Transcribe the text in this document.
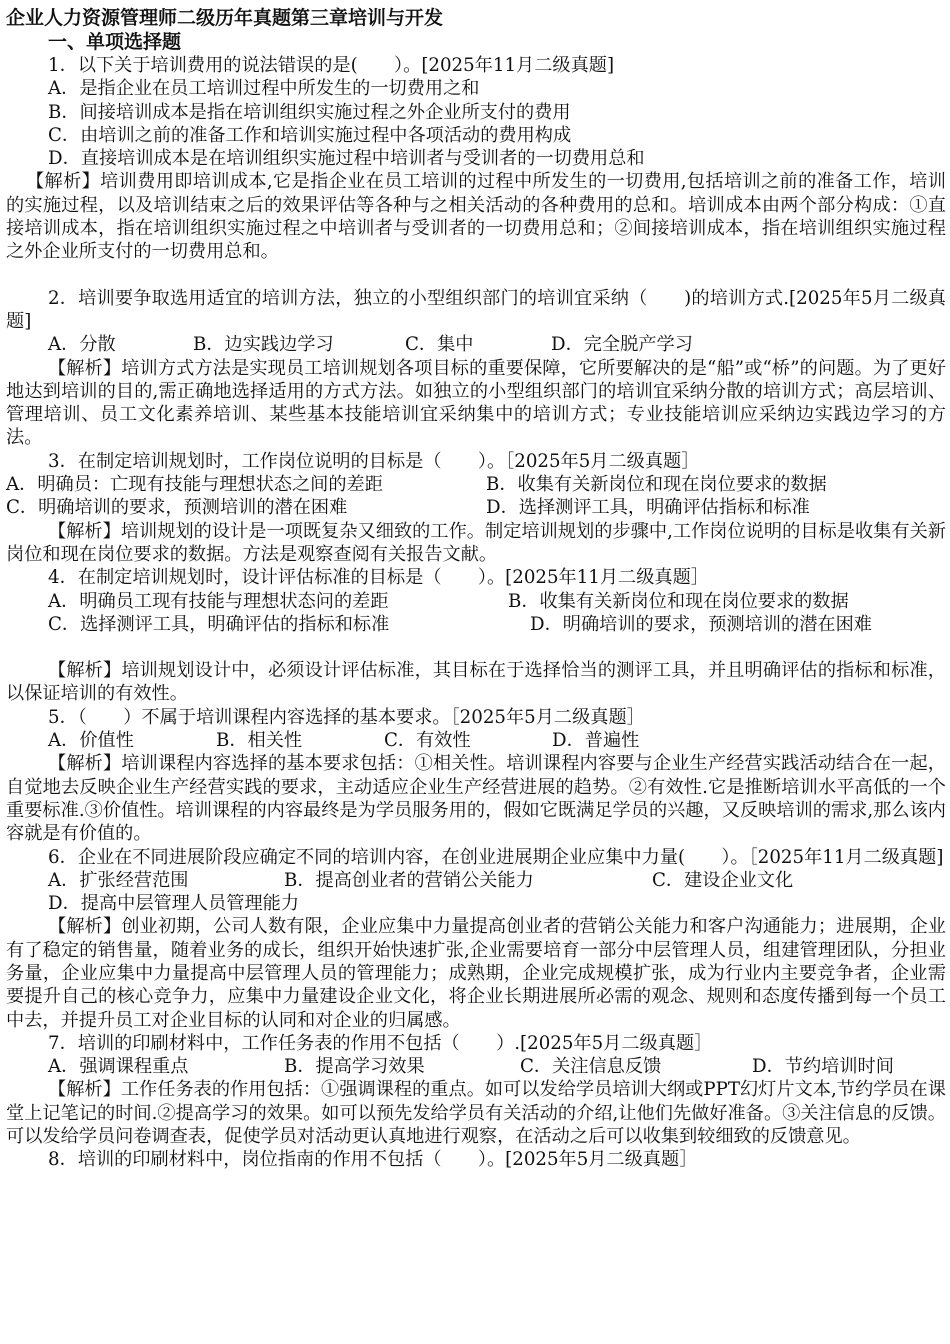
企业人力资源管理师二级历年真题第三章培训与开发
一、单项选择题
1．以下关于培训费用的说法错误的是(　　）。[2025年11月二级真题]
A．是指企业在员工培训过程中所发生的一切费用之和
B．间接培训成本是指在培训组织实施过程之外企业所支付的费用
C．由培训之前的准备工作和培训实施过程中各项活动的费用构成
D．直接培训成本是在培训组织实施过程中培训者与受训者的一切费用总和
【解析】培训费用即培训成本,它是指企业在员工培训的过程中所发生的一切费用,包括培训之前的准备工作，培训的实施过程，以及培训结束之后的效果评估等各种与之相关活动的各种费用的总和。培训成本由两个部分构成：①直接培训成本，指在培训组织实施过程之中培训者与受训者的一切费用总和；②间接培训成本，指在培训组织实施过程之外企业所支付的一切费用总和。
2．培训要争取选用适宜的培训方法，独立的小型组织部门的培训宜采纳（　　)的培训方式.[2025年5月二级真题]
A．分散	B．边实践边学习	C．集中	D．完全脱产学习
【解析】培训方式方法是实现员工培训规划各项目标的重要保障，它所要解决的是“船”或“桥”的问题。为了更好地达到培训的目的,需正确地选择适用的方式方法。如独立的小型组织部门的培训宜采纳分散的培训方式；高层培训、管理培训、员工文化素养培训、某些基本技能培训宜采纳集中的培训方式；专业技能培训应采纳边实践边学习的方法。
3．在制定培训规划时，工作岗位说明的目标是（　　）。［2025年5月二级真题］
A．明确员：亡现有技能与理想状态之间的差距	B．收集有关新岗位和现在岗位要求的数据
C．明确培训的要求，预测培训的潜在困难	D．选择测评工具，明确评估指标和标准
【解析】培训规划的设计是一项既复杂又细致的工作。制定培训规划的步骤中,工作岗位说明的目标是收集有关新岗位和现在岗位要求的数据。方法是观察查阅有关报告文献。
4．在制定培训规划时，设计评估标准的目标是（　　）。[2025年11月二级真题］
A．明确员工现有技能与理想状态问的差距	B．收集有关新岗位和现在岗位要求的数据
C．选择测评工具，明确评估的指标和标准	D．明确培训的要求，预测培训的潜在困难
【解析】培训规划设计中，必须设计评估标准，其目标在于选择恰当的测评工具，并且明确评估的指标和标准，以保证培训的有效性。
5．（　　）不属于培训课程内容选择的基本要求。［2025年5月二级真题］
A．价值性	B．相关性	C．有效性	D．普遍性
【解析】培训课程内容选择的基本要求包括：①相关性。培训课程内容要与企业生产经营实践活动结合在一起，自觉地去反映企业生产经营实践的要求，主动适应企业生产经营进展的趋势。②有效性.它是推断培训水平高低的一个重要标准.③价值性。培训课程的内容最终是为学员服务用的，假如它既满足学员的兴趣，又反映培训的需求,那么该内容就是有价值的。
6．企业在不同进展阶段应确定不同的培训内容，在创业进展期企业应集中力量(　　）。［2025年11月二级真题]
A．扩张经营范围	B．提高创业者的营销公关能力	C．建设企业文化
D．提高中层管理人员管理能力
【解析】创业初期，公司人数有限，企业应集中力量提高创业者的营销公关能力和客户沟通能力；进展期，企业有了稳定的销售量，随着业务的成长，组织开始快速扩张,企业需要培育一部分中层管理人员，组建管理团队，分担业务量，企业应集中力量提高中层管理人员的管理能力；成熟期，企业完成规模扩张，成为行业内主要竞争者，企业需要提升自己的核心竞争力，应集中力量建设企业文化，将企业长期进展所必需的观念、规则和态度传播到每一个员工中去，并提升员工对企业目标的认同和对企业的归属感。
7．培训的印刷材料中，工作任务表的作用不包括（　　）.[2025年5月二级真题］
A．强调课程重点	B．提高学习效果	C．关注信息反馈	D．节约培训时间
【解析】工作任务表的作用包括：①强调课程的重点。如可以发给学员培训大纲或PPT幻灯片文本,节约学员在课堂上记笔记的时间.②提高学习的效果。如可以预先发给学员有关活动的介绍,让他们先做好准备。③关注信息的反馈。可以发给学员问卷调查表，促使学员对活动更认真地进行观察，在活动之后可以收集到较细致的反馈意见。
8．培训的印刷材料中，岗位指南的作用不包括（　　）。[2025年5月二级真题］
